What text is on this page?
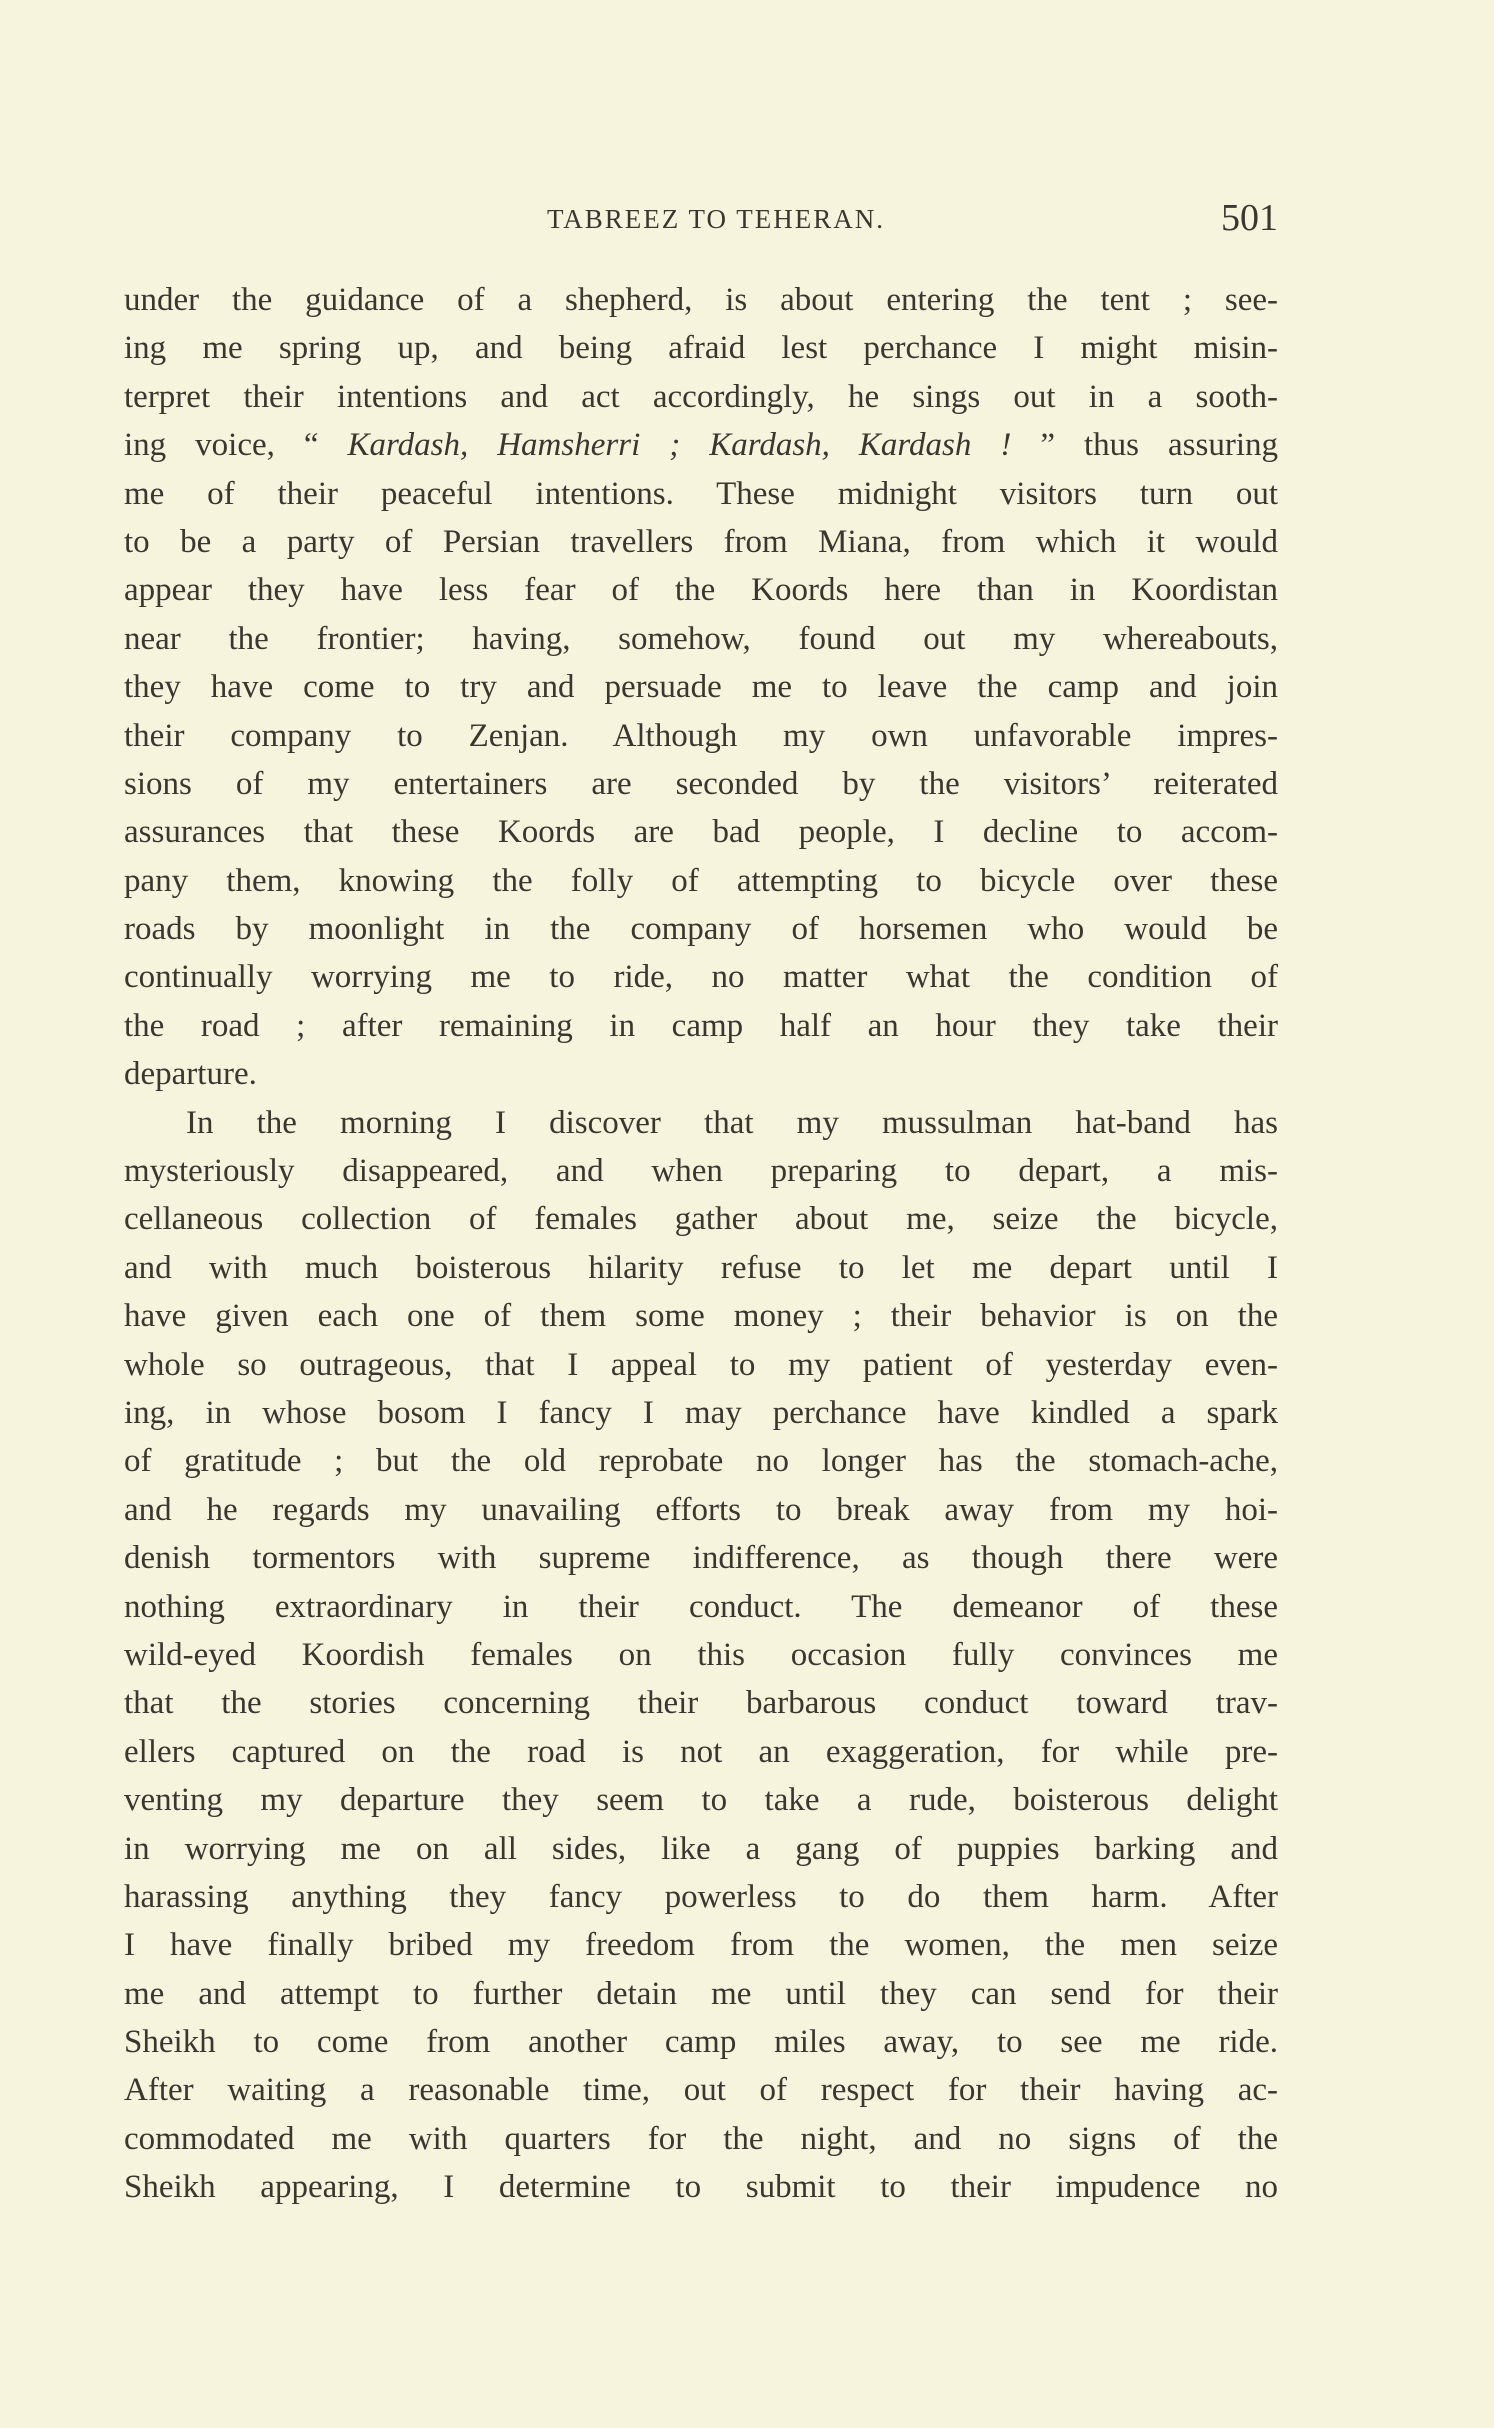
TABREEZ TO TEHERAN.	501
under the guidance of a shepherd, is about entering the tent ; see-
ing me spring up, and being afraid lest perchance I might misin-
terpret their intentions and act accordingly, he sings out in a sooth-
ing voice, “ Kardash, Hamsherri ; Kardash, Kardash ! ” thus assuring
me of their peaceful intentions. These midnight visitors turn out
to be a party of Persian travellers from Miana, from which it would
appear they have less fear of the Koords here than in Koordistan
near the frontier; having, somehow, found out my whereabouts,
they have come to try and persuade me to leave the camp and join
their company to Zenjan. Although my own unfavorable impres-
sions of my entertainers are seconded by the visitors’ reiterated
assurances that these Koords are bad people, I decline to accom-
pany them, knowing the folly of attempting to bicycle over these
roads by moonlight in the company of horsemen who would be
continually worrying me to ride, no matter what the condition of
the road ; after remaining in camp half an hour they take their
departure.
In the morning I discover that my mussulman hat-band has
mysteriously disappeared, and when preparing to depart, a mis-
cellaneous collection of females gather about me, seize the bicycle,
and with much boisterous hilarity refuse to let me depart until I
have given each one of them some money ; their behavior is on the
whole so outrageous, that I appeal to my patient of yesterday even-
ing, in whose bosom I fancy I may perchance have kindled a spark
of gratitude ; but the old reprobate no longer has the stomach-ache,
and he regards my unavailing efforts to break away from my hoi-
denish tormentors with supreme indifference, as though there were
nothing extraordinary in their conduct. The demeanor of these
wild-eyed Koordish females on this occasion fully convinces me
that the stories concerning their barbarous conduct toward trav-
ellers captured on the road is not an exaggeration, for while pre-
venting my departure they seem to take a rude, boisterous delight
in worrying me on all sides, like a gang of puppies barking and
harassing anything they fancy powerless to do them harm. After
I have finally bribed my freedom from the women, the men seize
me and attempt to further detain me until they can send for their
Sheikh to come from another camp miles away, to see me ride.
After waiting a reasonable time, out of respect for their having ac-
commodated me with quarters for the night, and no signs of the
Sheikh appearing, I determine to submit to their impudence no
